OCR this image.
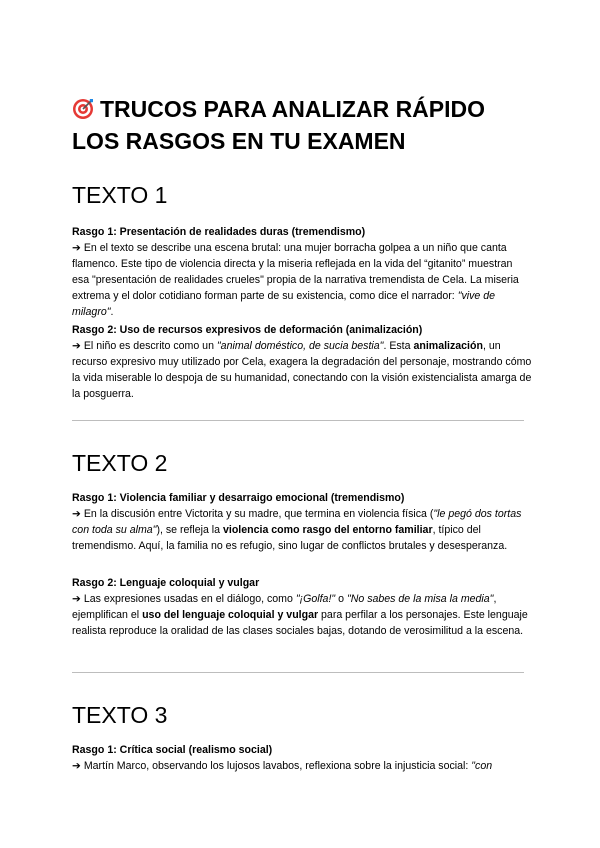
TRUCOS PARA ANALIZAR RÁPIDO
LOS RASGOS EN TU EXAMEN
TEXTO 1
Rasgo 1: Presentación de realidades duras (tremendismo)
➔ En el texto se describe una escena brutal: una mujer borracha golpea a un niño que canta flamenco. Este tipo de violencia directa y la miseria reflejada en la vida del “gitanito” muestran esa "presentación de realidades crueles" propia de la narrativa tremendista de Cela. La miseria extrema y el dolor cotidiano forman parte de su existencia, como dice el narrador: "vive de milagro".
Rasgo 2: Uso de recursos expresivos de deformación (animalización)
➔ El niño es descrito como un "animal doméstico, de sucia bestia". Esta animalización, un recurso expresivo muy utilizado por Cela, exagera la degradación del personaje, mostrando cómo la vida miserable lo despoja de su humanidad, conectando con la visión existencialista amarga de la posguerra.
TEXTO 2
Rasgo 1: Violencia familiar y desarraigo emocional (tremendismo)
➔ En la discusión entre Victorita y su madre, que termina en violencia física ("le pegó dos tortas con toda su alma"), se refleja la violencia como rasgo del entorno familiar, típico del tremendismo. Aquí, la familia no es refugio, sino lugar de conflictos brutales y desesperanza.
Rasgo 2: Lenguaje coloquial y vulgar
➔ Las expresiones usadas en el diálogo, como "¡Golfa!" o "No sabes de la misa la media", ejemplifican el uso del lenguaje coloquial y vulgar para perfilar a los personajes. Este lenguaje realista reproduce la oralidad de las clases sociales bajas, dotando de verosimilitud a la escena.
TEXTO 3
Rasgo 1: Crítica social (realismo social)
➔ Martín Marco, observando los lujosos lavabos, reflexiona sobre la injusticia social: "con
